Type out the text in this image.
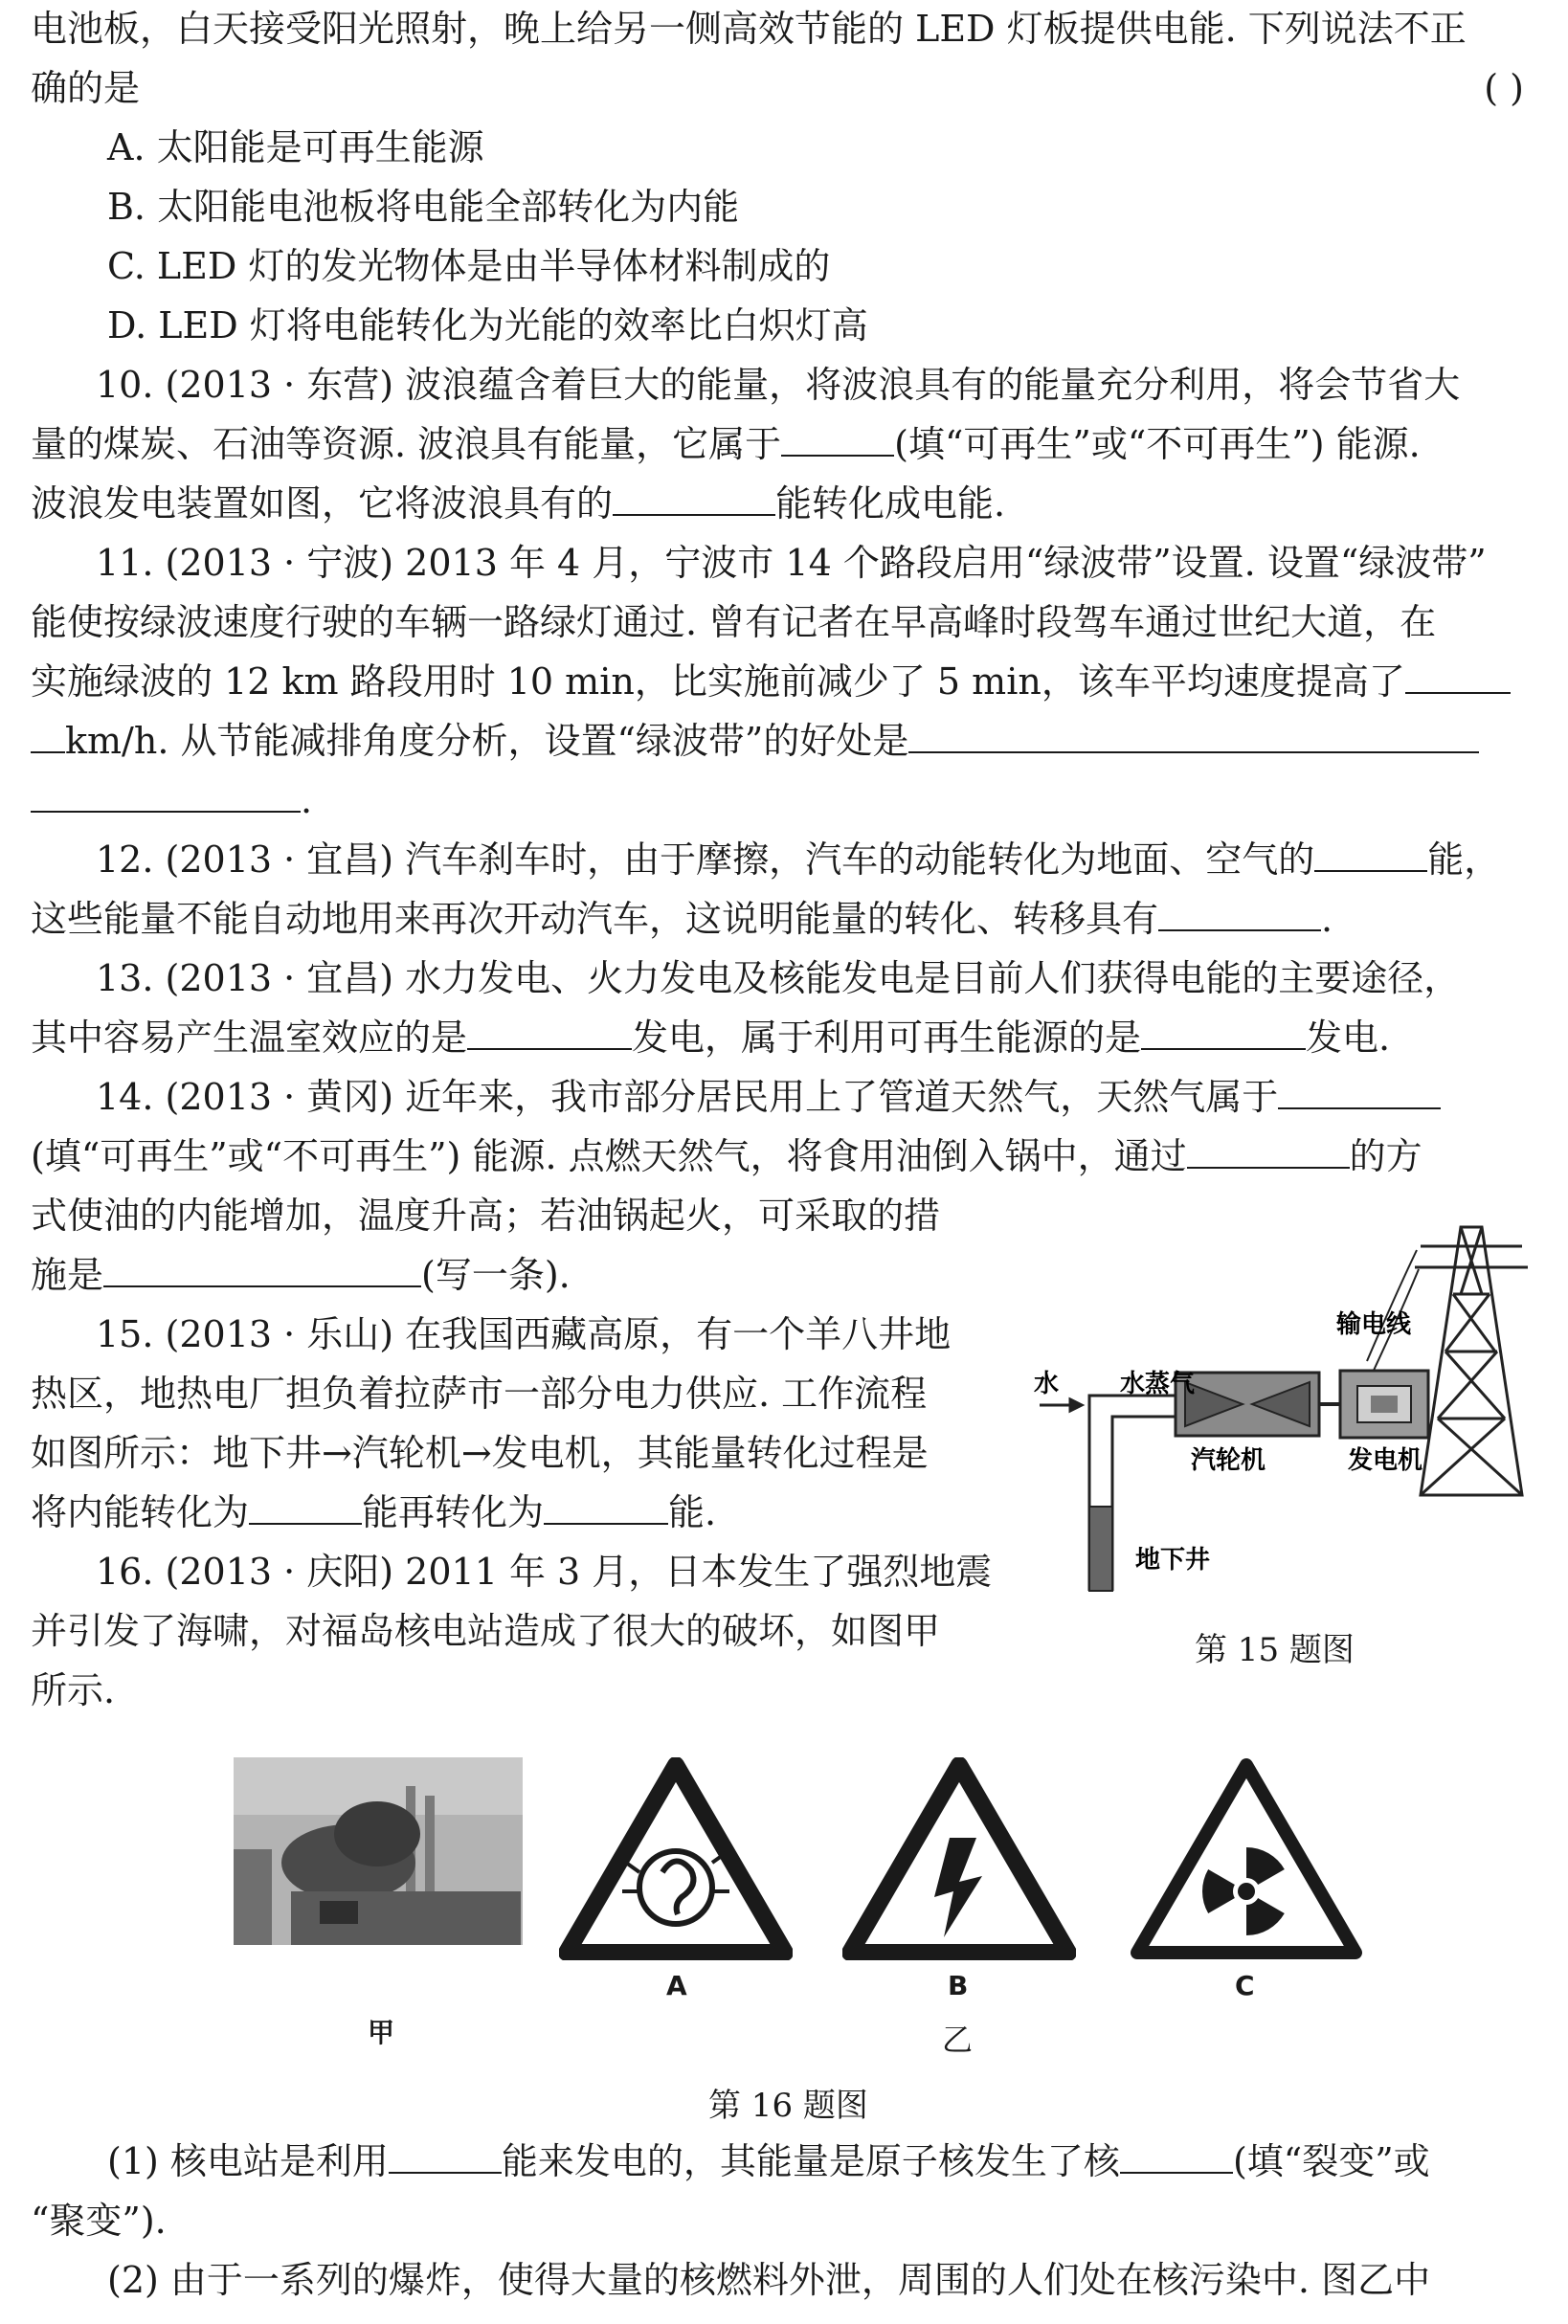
电池板，白天接受阳光照射，晚上给另一侧高效节能的 LED 灯板提供电能. 下列说法不正
确的是	( )
A. 太阳能是可再生能源
B. 太阳能电池板将电能全部转化为内能
C. LED 灯的发光物体是由半导体材料制成的
D. LED 灯将电能转化为光能的效率比白炽灯高
10. (2013 · 东营) 波浪蕴含着巨大的能量，将波浪具有的能量充分利用，将会节省大
量的煤炭、石油等资源. 波浪具有能量，它属于	(填“可再生”或“不可再生”) 能源.
波浪发电装置如图，它将波浪具有的	能转化成电能.
11. (2013 · 宁波) 2013 年 4 月，宁波市 14 个路段启用“绿波带”设置. 设置“绿波带”
能使按绿波速度行驶的车辆一路绿灯通过. 曾有记者在早高峰时段驾车通过世纪大道，在
实施绿波的 12 km 路段用时 10 min，比实施前减少了 5 min，该车平均速度提高了
km/h. 从节能减排角度分析，设置“绿波带”的好处是
.
12. (2013 · 宜昌) 汽车刹车时，由于摩擦，汽车的动能转化为地面、空气的	能，
这些能量不能自动地用来再次开动汽车，这说明能量的转化、转移具有	.
13. (2013 · 宜昌) 水力发电、火力发电及核能发电是目前人们获得电能的主要途径，
其中容易产生温室效应的是	发电，属于利用可再生能源的是	发电.
14. (2013 · 黄冈) 近年来，我市部分居民用上了管道天然气，天然气属于
(填“可再生”或“不可再生”) 能源. 点燃天然气，将食用油倒入锅中，通过	的方
式使油的内能增加，温度升高；若油锅起火，可采取的措
施是	(写一条).
15. (2013 · 乐山) 在我国西藏高原，有一个羊八井地
热区，地热电厂担负着拉萨市一部分电力供应. 工作流程
如图所示：地下井→汽轮机→发电机，其能量转化过程是
将内能转化为	能再转化为	能.
16. (2013 · 庆阳) 2011 年 3 月，日本发生了强烈地震
并引发了海啸，对福岛核电站造成了很大的破坏，如图甲
所示.
水 水蒸气
输电线
汽轮机	发电机
地下井
第 15 题图
甲
A	B	C
乙
第 16 题图
(1) 核电站是利用	能来发电的，其能量是原子核发生了核	(填“裂变”或
“聚变”).
(2) 由于一系列的爆炸，使得大量的核燃料外泄，周围的人们处在核污染中. 图乙中
